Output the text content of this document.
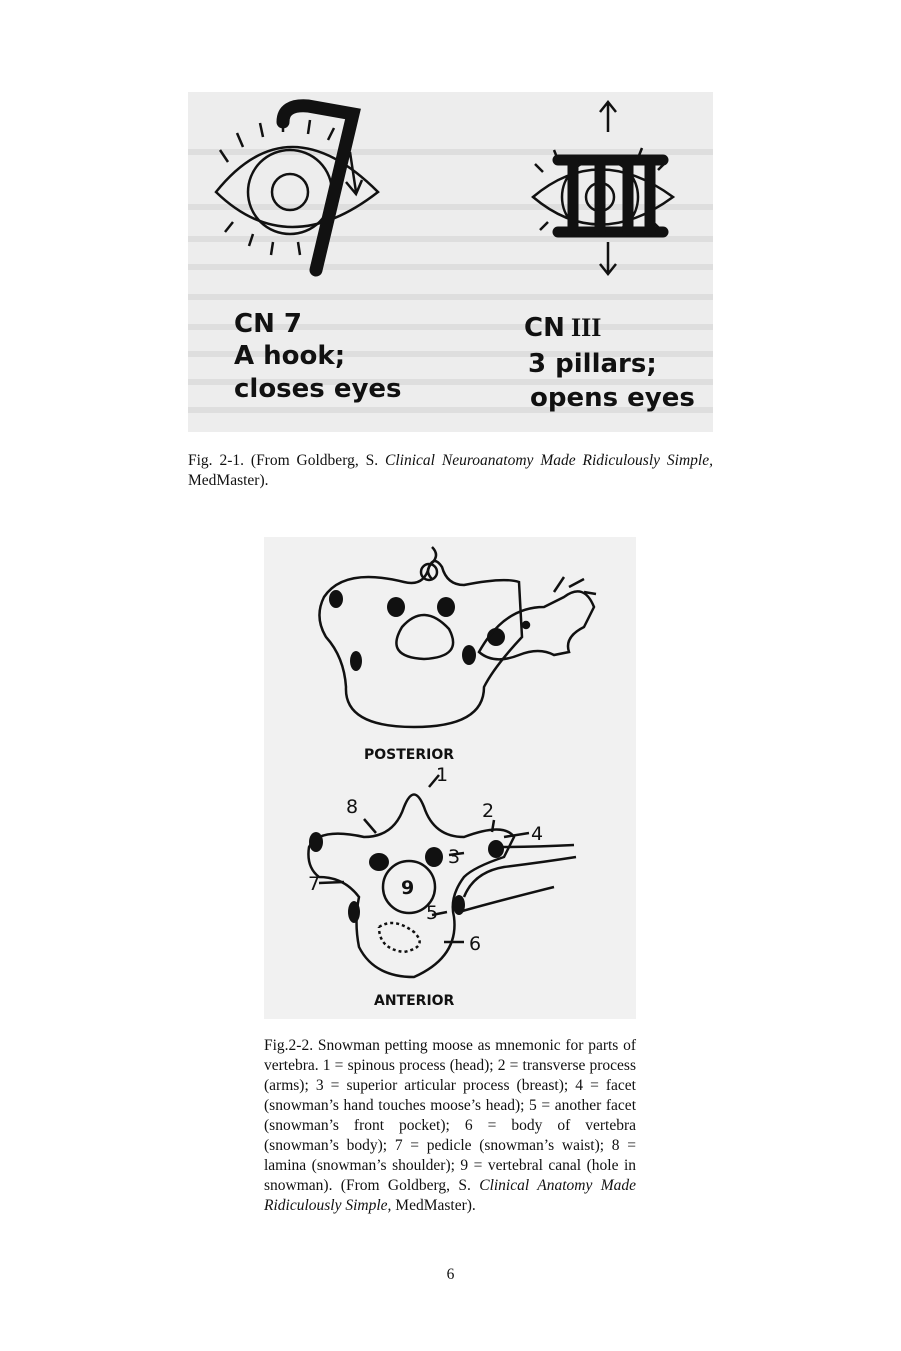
CN 7
A hook;
closes eyes
CN III
3 pillars;
opens eyes
Fig. 2-1. (From Goldberg, S. Clinical Neuroanatomy Made Ridiculously Simple, MedMaster).
POSTERIOR
1
2
3
4
5
6
7
8
9
ANTERIOR
Fig.2-2. Snowman petting moose as mnemonic for parts of vertebra. 1 = spinous process (head); 2 = transverse process (arms); 3 = superior articular process (breast); 4 = facet (snowman’s hand touches moose’s head); 5 = another facet (snowman’s front pocket); 6 = body of vertebra (snowman’s body); 7 = pedicle (snowman’s waist); 8 = lamina (snowman’s shoulder); 9 = vertebral canal (hole in snowman). (From Goldberg, S. Clinical Anatomy Made Ridiculously Simple, MedMaster).
6
